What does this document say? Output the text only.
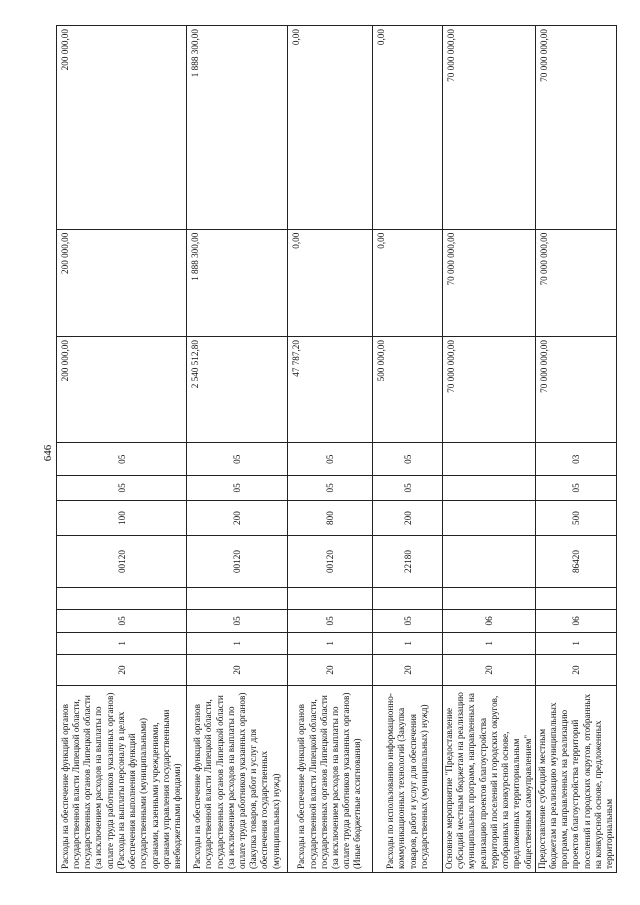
646
Расходы на обеспечение функций органов государственной власти Липецкой области, государственных органов Липецкой области (за исключением расходов на выплаты по оплате труда работников указанных органов) (Расходы на выплаты персоналу в целях обеспечения выполнения функций государственными (муниципальными) органами, казенными учреждениями, органами управления государственными внебюджетными фондами)	20	1	05		00120	100	05	05	200 000,00	200 000,00	200 000,00
Расходы на обеспечение функций органов государственной власти Липецкой области, государственных органов Липецкой области (за исключением расходов на выплаты по оплате труда работников указанных органов) (Закупка товаров, работ и услуг для обеспечения государственных (муниципальных) нужд)	20	1	05		00120	200	05	05	2 540 512,80	1 888 300,00	1 888 300,00
Расходы на обеспечение функций органов государственной власти Липецкой области, государственных органов Липецкой области (за исключением расходов на выплаты по оплате труда работников указанных органов) (Иные бюджетные ассигнования)	20	1	05		00120	800	05	05	47 787,20	0,00	0,00
Расходы по использованию информационно-коммуникационных технологий (Закупка товаров, работ и услуг для обеспечения государственных (муниципальных) нужд)	20	1	05		22180	200	05	05	500 000,00	0,00	0,00
Основное мероприятие "Предоставление субсидий местным бюджетам на реализацию муниципальных программ, направленных на реализацию проектов благоустройства территорий поселений и городских округов, отобранных на конкурсной основе, предложенных территориальным общественным самоуправлением"	20	1	06						70 000 000,00	70 000 000,00	70 000 000,00
Предоставление субсидий местным бюджетам на реализацию муниципальных программ, направленных на реализацию проектов благоустройства территорий поселений и городских округов, отобранных на конкурсной основе, предложенных территориальным	20	1	06		86420	500	05	03	70 000 000,00	70 000 000,00	70 000 000,00
